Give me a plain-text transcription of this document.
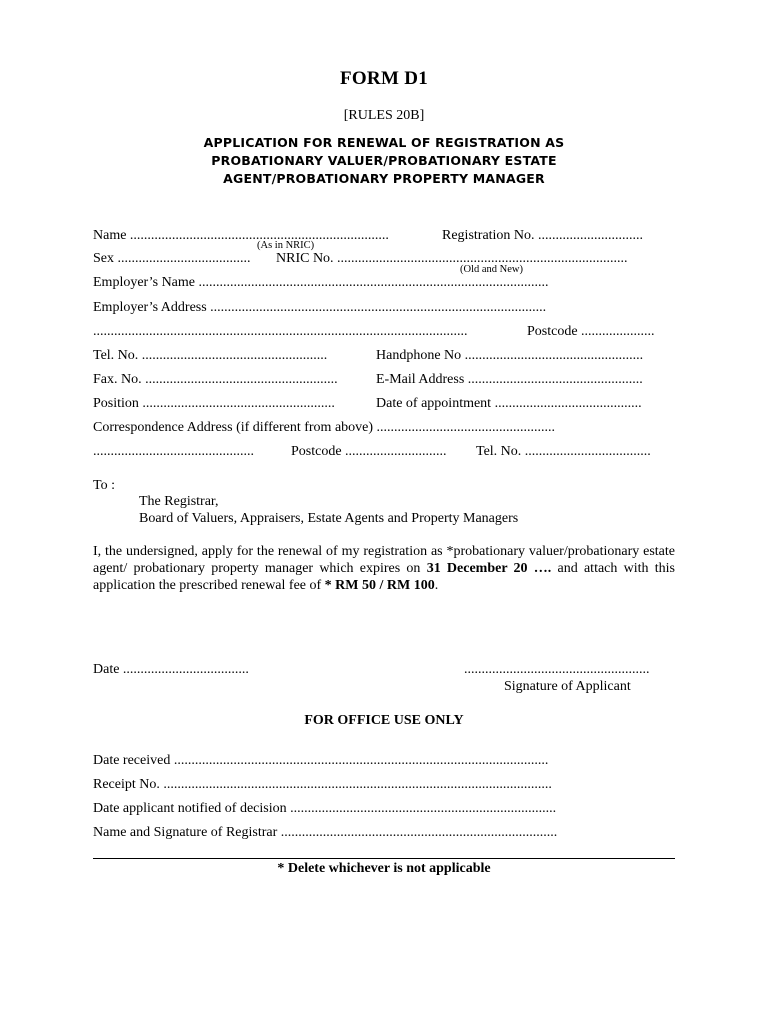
FORM D1
[RULES 20B]
APPLICATION FOR RENEWAL OF REGISTRATION AS
PROBATIONARY VALUER/PROBATIONARY ESTATE
AGENT/PROBATIONARY PROPERTY MANAGER
Name ..........................................................................	Registration No. ..............................
(As in NRIC)
Sex ...................................... NRIC No. ...................................................................................
(Old and New)
Employer’s Name ....................................................................................................
Employer’s Address ................................................................................................
...........................................................................................................	Postcode .....................
Tel. No. .....................................................	Handphone No ...................................................
Fax. No. .......................................................	E-Mail Address ..................................................
Position .......................................................	Date of appointment ..........................................
Correspondence Address (if different from above) ...................................................
..............................................	Postcode ............................. Tel. No. ....................................
To :
The Registrar,
Board of Valuers, Appraisers, Estate Agents and Property Managers
I, the undersigned, apply for the renewal of my registration as *probationary valuer/probationary estate agent/ probationary property manager which expires on 31 December 20 …. and attach with this application the prescribed renewal fee of * RM 50 / RM 100.
Date ....................................	.....................................................
Signature of Applicant
FOR OFFICE USE ONLY
Date received ...........................................................................................................
Receipt No. ...............................................................................................................
Date applicant notified of decision ............................................................................
Name and Signature of Registrar ...............................................................................
* Delete whichever is not applicable
